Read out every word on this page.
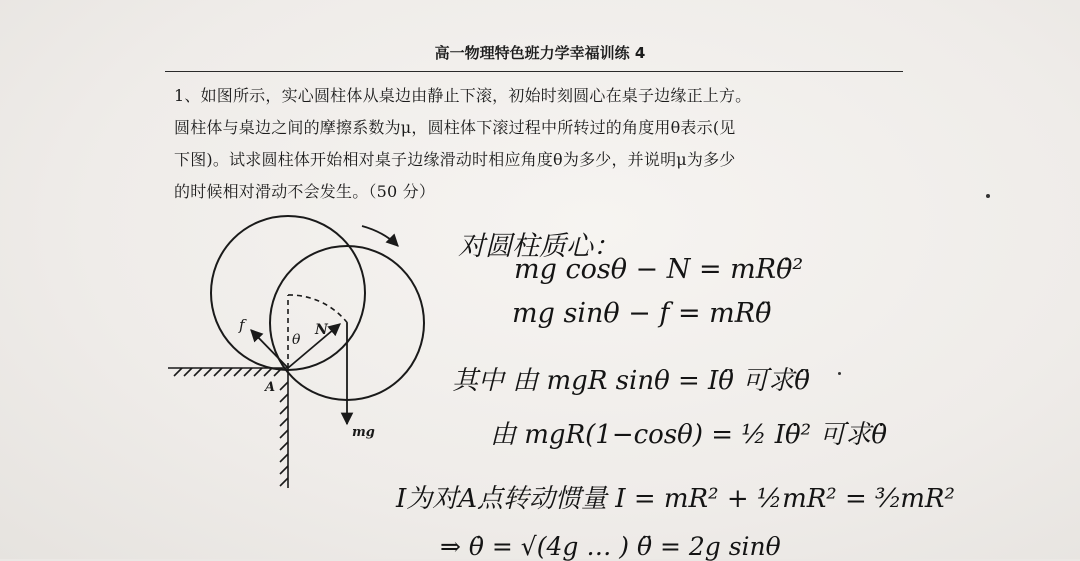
高一物理特色班力学幸福训练 4
1、如图所示，实心圆柱体从桌边由静止下滚，初始时刻圆心在桌子边缘正上方。
圆柱体与桌边之间的摩擦系数为μ，圆柱体下滚过程中所转过的角度用θ表示(见
下图)。试求圆柱体开始相对桌子边缘滑动时相应角度θ为多少，并说明μ为多少
的时候相对滑动不会发生。（50 分）
f
θ
N
A
mg
对圆柱质心：
mg cosθ − N = mRθ̇²
mg sinθ − f = mRθ̈
其中 由 mgR sinθ = Iθ̈ 可求θ̈
由 mgR(1−cosθ) = ½ Iθ̇² 可求θ̇
I为对A点转动惯量 I = mR² + ½mR² = ³⁄₂mR²
⇒ θ̇ = √(4g … ) θ̈ = 2g sinθ
